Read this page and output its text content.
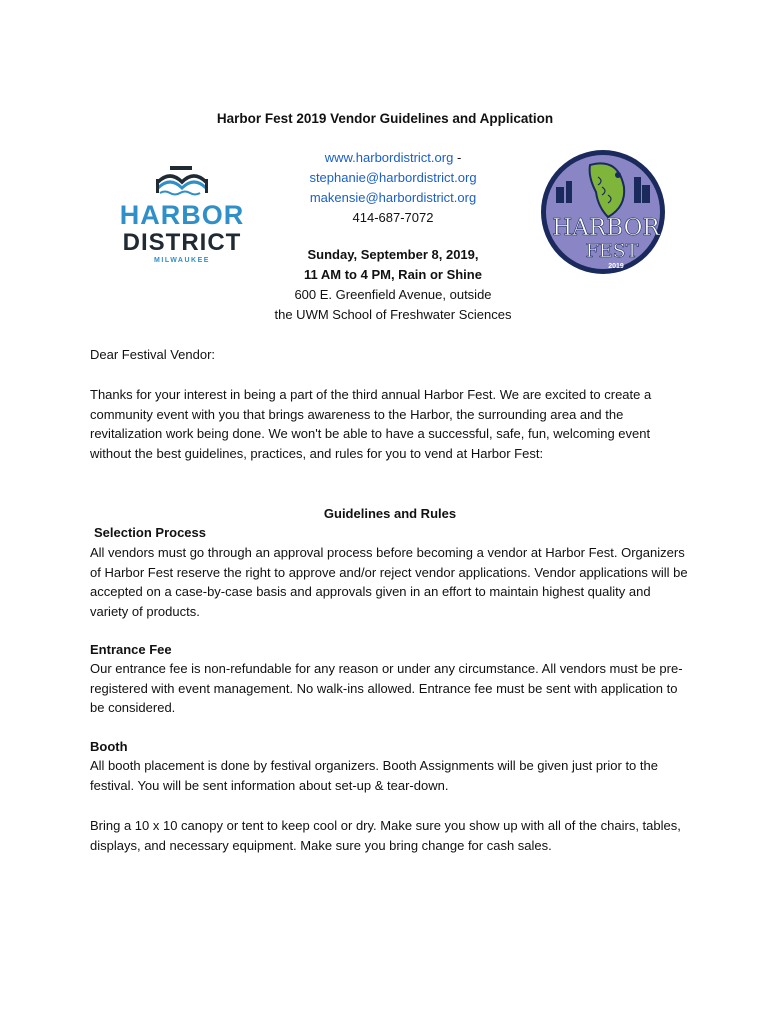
Harbor Fest 2019 Vendor Guidelines and Application
HARBOR
DISTRICT
MILWAUKEE
www.harbordistrict.org -
stephanie@harbordistrict.org
makensie@harbordistrict.org
414-687-7072	HARBOR
FEST
2019
Sunday, September 8, 2019,
11 AM to 4 PM, Rain or Shine
600 E. Greenfield Avenue, outside
the UWM School of Freshwater Sciences
Dear Festival Vendor:
Thanks for your interest in being a part of the third annual Harbor Fest. We are excited to create a community event with you that brings awareness to the Harbor, the surrounding area and the revitalization work being done. We won't be able to have a successful, safe, fun, welcoming event without the best guidelines, practices, and rules for you to vend at Harbor Fest:
Guidelines and Rules
Selection Process
All vendors must go through an approval process before becoming a vendor at Harbor Fest. Organizers of Harbor Fest reserve the right to approve and/or reject vendor applications. Vendor applications will be accepted on a case-by-case basis and approvals given in an effort to maintain highest quality and variety of products.
Entrance Fee
Our entrance fee is non-refundable for any reason or under any circumstance. All vendors must be pre-registered with event management. No walk-ins allowed. Entrance fee must be sent with application to be considered.
Booth
All booth placement is done by festival organizers. Booth Assignments will be given just prior to the festival. You will be sent information about set-up & tear-down.
Bring a 10 x 10 canopy or tent to keep cool or dry. Make sure you show up with all of the chairs, tables, displays, and necessary equipment. Make sure you bring change for cash sales.
